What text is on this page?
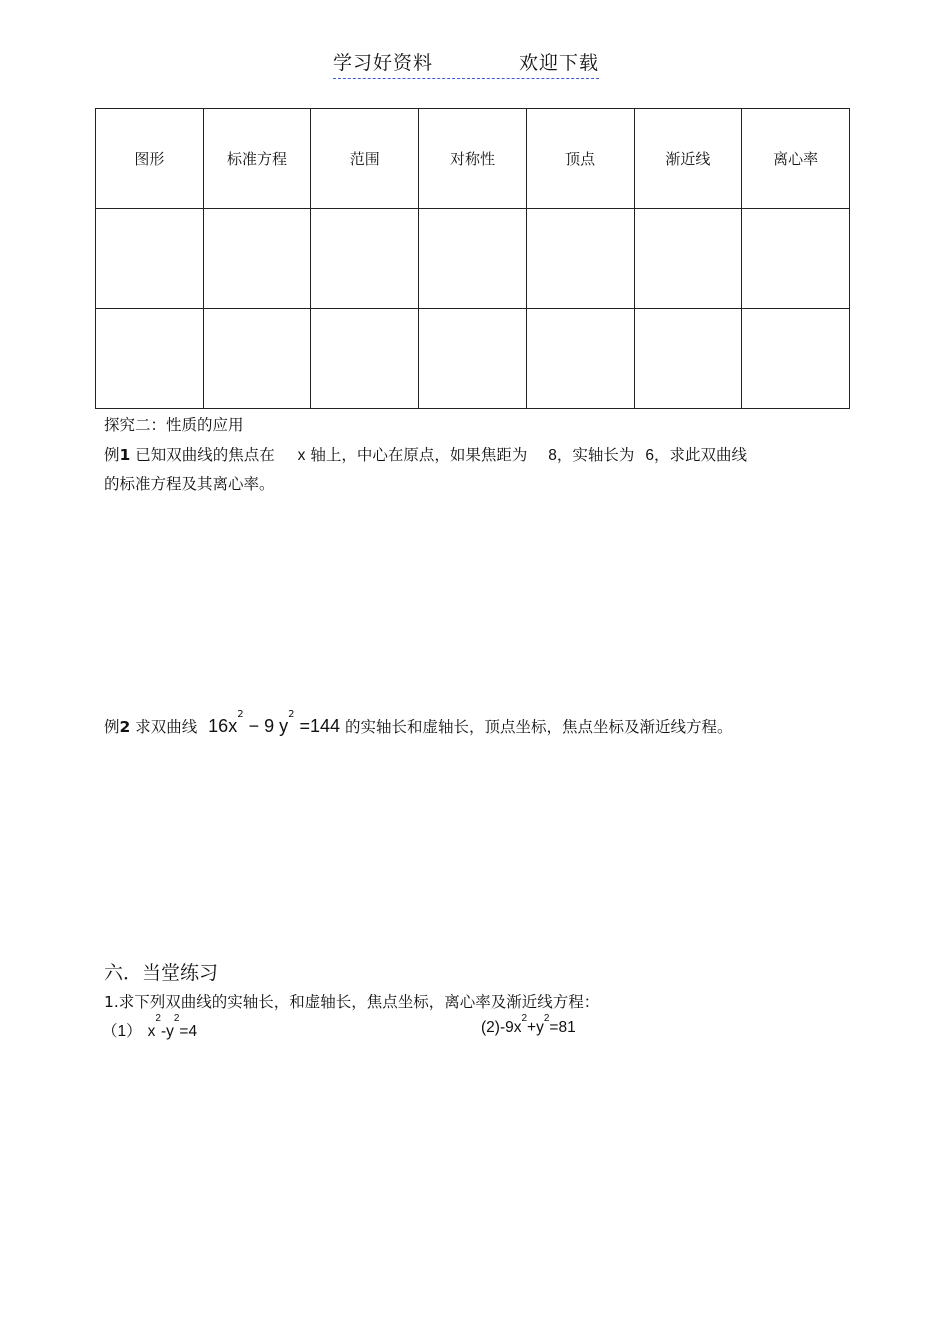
学习好资料	欢迎下载
图形	标准方程	范围	对称性	顶点	渐近线	离心率

探究二：性质的应用
例1 已知双曲线的焦点在 x 轴上，中心在原点，如果焦距为 8，实轴长为 6，求此双曲线
的标准方程及其离心率。
例2 求双曲线 $16x^2 - 9$ $y^2 =144$ 的实轴长和虚轴长，顶点坐标，焦点坐标及渐近线方程。
六．当堂练习
1.求下列双曲线的实轴长，和虚轴长，焦点坐标，离心率及渐近线方程：
（1） $x^2-y^2=4$	$(2)-9x^2+y^2=81$
